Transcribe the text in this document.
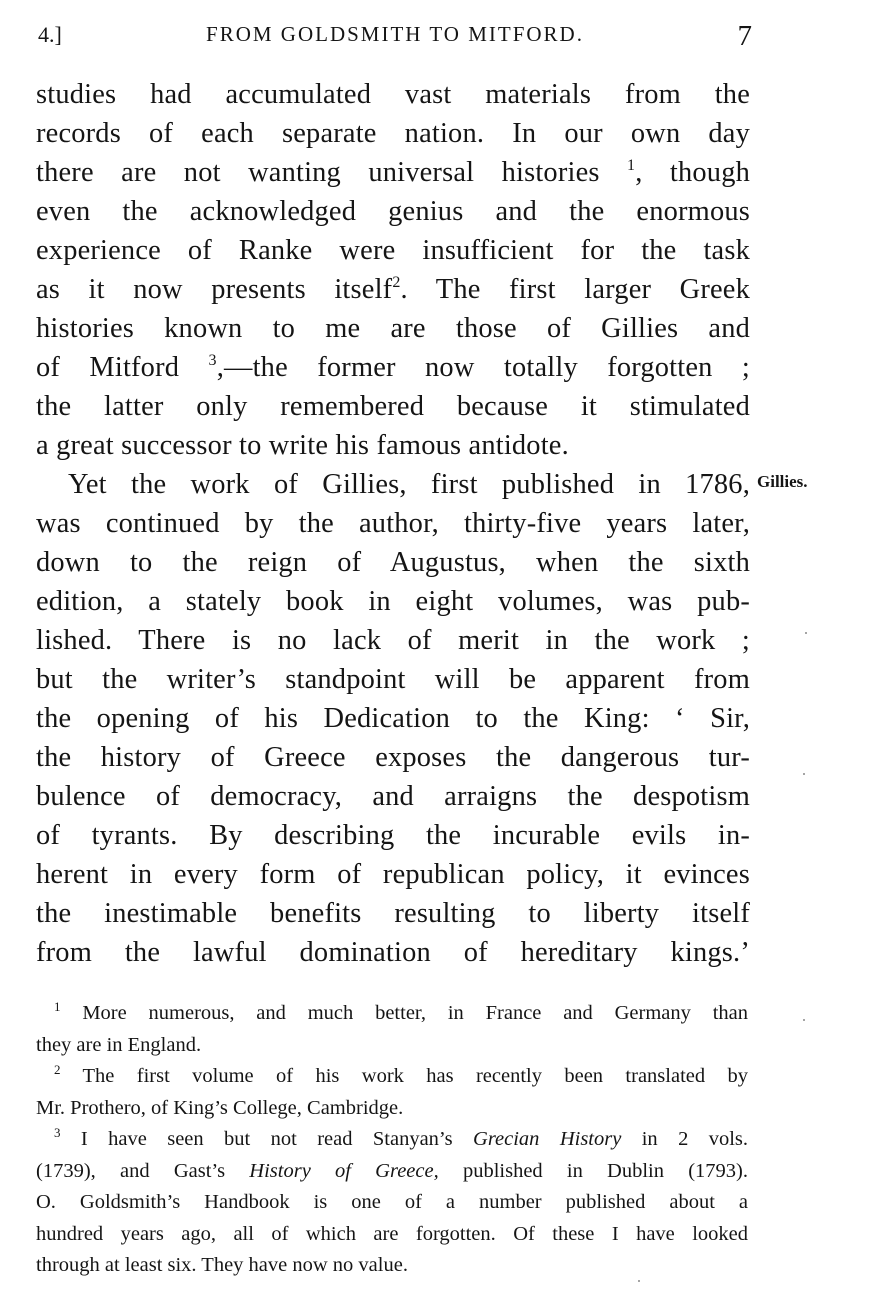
4.]	FROM GOLDSMITH TO MITFORD.	7
studies had accumulated vast materials from the
records of each separate nation. In our own day
there are not wanting universal histories $^1$, though
even the acknowledged genius and the enormous
experience of Ranke were insufficient for the task
as it now presents itself$^2$. The first larger Greek
histories known to me are those of Gillies and
of Mitford $^3$,—the former now totally forgotten ;
the latter only remembered because it stimulated
a great successor to write his famous antidote.
Yet the work of Gillies, first published in 1786,
was continued by the author, thirty-five years later,
down to the reign of Augustus, when the sixth
edition, a stately book in eight volumes, was pub-
lished. There is no lack of merit in the work ;
but the writer’s standpoint will be apparent from
the opening of his Dedication to the King: ‘ Sir,
the history of Greece exposes the dangerous tur-
bulence of democracy, and arraigns the despotism
of tyrants. By describing the incurable evils in-
herent in every form of republican policy, it evinces
the inestimable benefits resulting to liberty itself
from the lawful domination of hereditary kings.’
Gillies.
$^1$ More numerous, and much better, in France and Germany than
they are in England.
$^2$ The first volume of his work has recently been translated by
Mr. Prothero, of King’s College, Cambridge.
$^3$ I have seen but not read Stanyan’s Grecian History in 2 vols.
(1739), and Gast’s History of Greece, published in Dublin (1793).
O. Goldsmith’s Handbook is one of a number published about a
hundred years ago, all of which are forgotten. Of these I have looked
through at least six. They have now no value.
